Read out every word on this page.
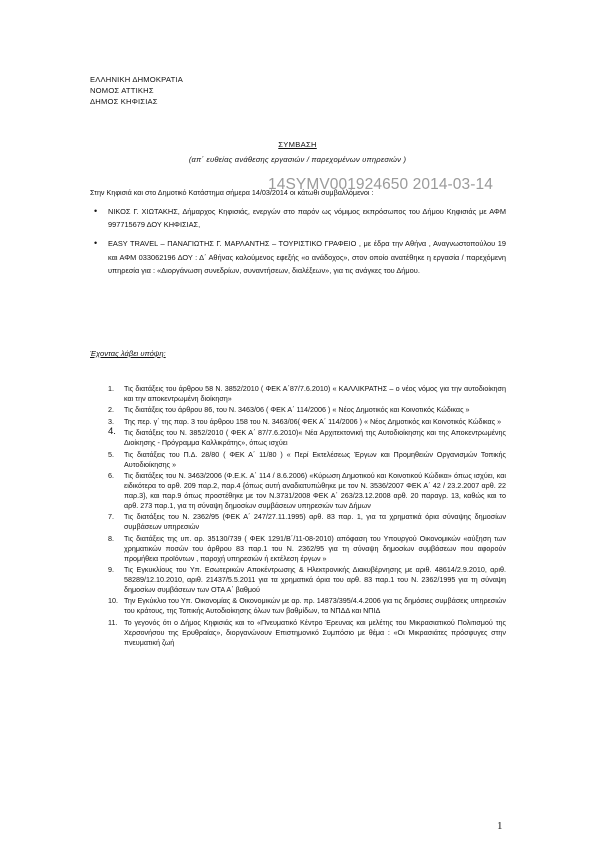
ΕΛΛΗΝΙΚΗ ΔΗΜΟΚΡΑΤΙΑ
ΝΟΜΟΣ ΑΤΤΙΚΗΣ
ΔΗΜΟΣ ΚΗΦΙΣΙΑΣ
ΣΥΜΒΑΣΗ
(απ΄ ευθείας ανάθεσης εργασιών / παρεχομένων υπηρεσιών )
14SYMV001924650 2014-03-14
Στην Κηφισιά και στο Δημοτικό Κατάστημα σήμερα 14/03/2014 οι κάτωθι συμβαλλόμενοι :
• ΝΙΚΟΣ Γ. ΧΙΩΤΑΚΗΣ, Δήμαρχος Κηφισιάς, ενεργών στο παρόν ως νόμιμος εκπρόσωπος του Δήμου Κηφισιάς με ΑΦΜ 997715679 ΔΟΥ ΚΗΦΙΣΙΑΣ,
• EASY TRAVEL – ΠΑΝΑΓΙΩΤΗΣ Γ. ΜΑΡΛΑΝΤΗΣ – ΤΟΥΡΙΣΤΙΚΟ ΓΡΑΦΕΙΟ , με έδρα την Αθήνα , Αναγνωστοπούλου 19 και ΑΦΜ 033062196 ΔΟΥ : Δ΄ Αθήνας καλούμενος εφεξής «ο ανάδοχος», στον οποίο ανατέθηκε η εργασία / παρεχόμενη υπηρεσία για : «Διοργάνωση συνεδρίων, συναντήσεων, διαλέξεων», για τις ανάγκες του Δήμου.
Έχοντας λάβει υπόψη:
1. Τις διατάξεις του άρθρου 58 Ν. 3852/2010 ( ΦΕΚ Α΄87/7.6.2010) « ΚΑΛΛΙΚΡΑΤΗΣ – ο νέος νόμος για την αυτοδιοίκηση και την αποκεντρωμένη διοίκηση»
2. Τις διατάξεις του άρθρου 86, του Ν. 3463/06 ( ΦΕΚ Α΄ 114/2006 ) « Νέος Δημοτικός και Κοινοτικός Κώδικας »
3. Της περ. γ΄ της παρ. 3 του άρθρου 158 του Ν. 3463/06( ΦΕΚ Α΄ 114/2006 ) « Νέος Δημοτικός και Κοινοτικός Κώδικας »
4. Τις διατάξεις του Ν. 3852/2010 ( ΦΕΚ Α΄ 87/7.6.2010)« Νέα Αρχιτεκτονική της Αυτοδιοίκησης και της Αποκεντρωμένης Διοίκησης - Πρόγραμμα Καλλικράτης», όπως ισχύει
5. Τις διατάξεις του Π.Δ. 28/80 ( ΦΕΚ Α΄ 11/80 ) « Περί Εκτελέσεως Έργων και Προμηθειών Οργανισμών Τοπικής Αυτοδιοίκησης »
6. Τις διατάξεις του Ν. 3463/2006 (Φ.Ε.Κ. Α΄ 114 / 8.6.2006) «Κύρωση Δημοτικού και Κοινοτικού Κώδικα» όπως ισχύει, και ειδικότερα το αρθ. 209 παρ.2, παρ.4 {όπως αυτή αναδιατυπώθηκε με τον Ν. 3536/2007 ΦΕΚ Α΄ 42 / 23.2.2007 αρθ. 22 παρ.3}, και παρ.9 όπως προστέθηκε με τον Ν.3731/2008 ΦΕΚ Α΄ 263/23.12.2008 αρθ. 20 παραγρ. 13, καθώς και το αρθ. 273 παρ.1, για τη σύναψη δημοσίων συμβάσεων υπηρεσιών των Δήμων
7. Τις διατάξεις του Ν. 2362/95 (ΦΕΚ Α΄ 247/27.11.1995) αρθ. 83 παρ. 1, για τα χρηματικά όρια σύναψης δημοσίων συμβάσεων υπηρεσιών
8. Τις διατάξεις της υπ. αρ. 35130/739 ( ΦΕΚ 1291/Β΄/11-08-2010) απόφαση του Υπουργού Οικονομικών «αύξηση των χρηματικών ποσών του άρθρου 83 παρ.1 του Ν. 2362/95 για τη σύναψη δημοσίων συμβάσεων που αφορούν προμήθεια προϊόντων , παροχή υπηρεσιών ή εκτέλεση έργων »
9. Τις Εγκυκλίους του Υπ. Εσωτερικών Αποκέντρωσης & Ηλεκτρονικής Διακυβέρνησης με αριθ. 48614/2.9.2010, αριθ. 58289/12.10.2010, αριθ. 21437/5.5.2011 για τα χρηματικά όρια του αρθ. 83 παρ.1 του Ν. 2362/1995 για τη σύναψη δημοσίων συμβάσεων των ΟΤΑ Α΄ βαθμού
10. Την Εγκύκλιο του Υπ. Οικονομίας & Οικονομικών με αρ. πρ. 14873/395/4.4.2006 για τις δημόσιες συμβάσεις υπηρεσιών του κράτους, της Τοπικής Αυτοδιοίκησης όλων των βαθμίδων, τα ΝΠΔΔ και ΝΠΙΔ
11. Το γεγονός ότι ο Δήμος Κηφισιάς και το «Πνευματικό Κέντρο Έρευνας και μελέτης του Μικρασιατικού Πολιτισμού της Χερσονήσου της Ερυθραίας», διοργανώνουν Επιστημονικό Συμπόσιο με θέμα : «Οι Μικρασιάτες πρόσφυγες στην πνευματική ζωή
1
